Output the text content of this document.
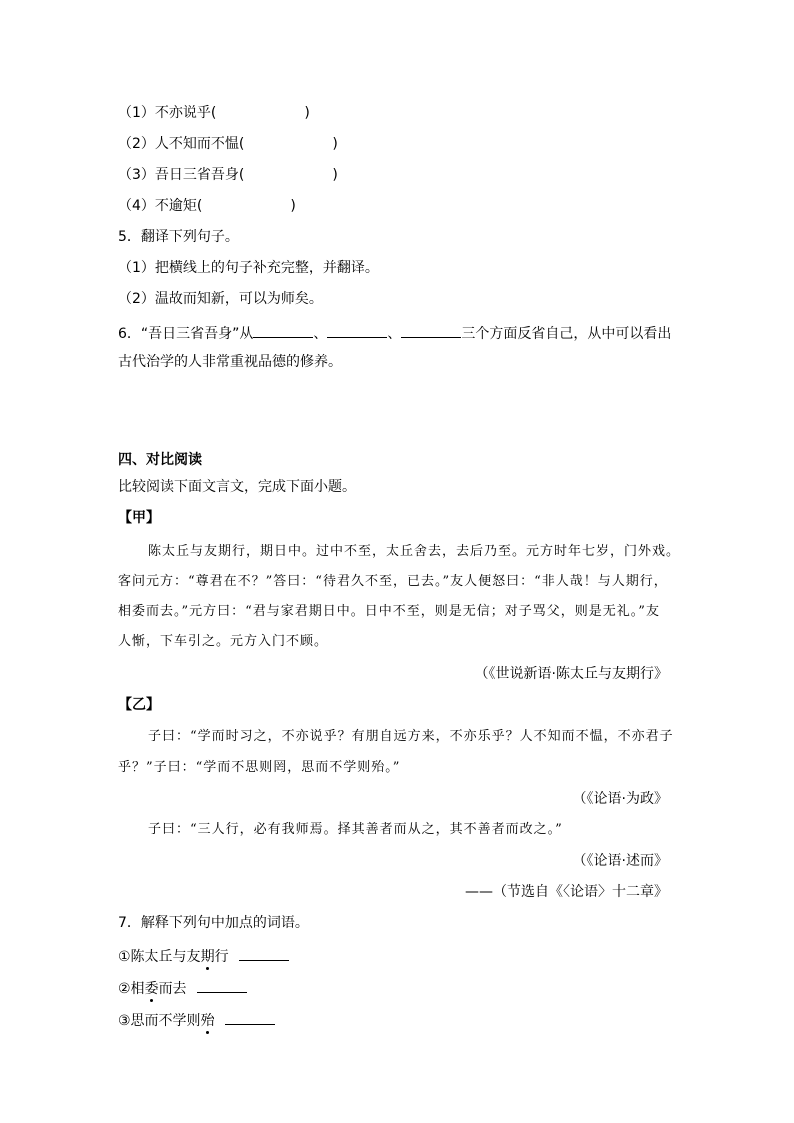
（1）不亦说乎(	)
（2）人不知而不愠(	)
（3）吾日三省吾身(	)
（4）不逾矩(	)
5．翻译下列句子。
（1）把横线上的句子补充完整，并翻译。
（2）温故而知新，可以为师矣。
6．“吾日三省吾身”从	、	、	三个方面反省自己，从中可以看出
古代治学的人非常重视品德的修养。
四、对比阅读
比较阅读下面文言文，完成下面小题。
【甲】
陈太丘与友期行，期日中。过中不至，太丘舍去，去后乃至。元方时年七岁，门外戏。
客问元方：“尊君在不？”答曰：“待君久不至，已去。”友人便怒曰：“非人哉！与人期行，
相委而去。”元方曰：“君与家君期日中。日中不至，则是无信；对子骂父，则是无礼。”友
人惭，下车引之。元方入门不顾。
（《世说新语·陈太丘与友期行》
【乙】
子曰：“学而时习之，不亦说乎？有朋自远方来，不亦乐乎？人不知而不愠，不亦君子
乎？”子曰：“学而不思则罔，思而不学则殆。”
（《论语·为政》
子曰：“三人行，必有我师焉。择其善者而从之，其不善者而改之。”
（《论语·述而》
——（节选自《〈论语〉十二章》
7．解释下列句中加点的词语。
①陈太丘与友期行
②相委而去
③思而不学则殆
